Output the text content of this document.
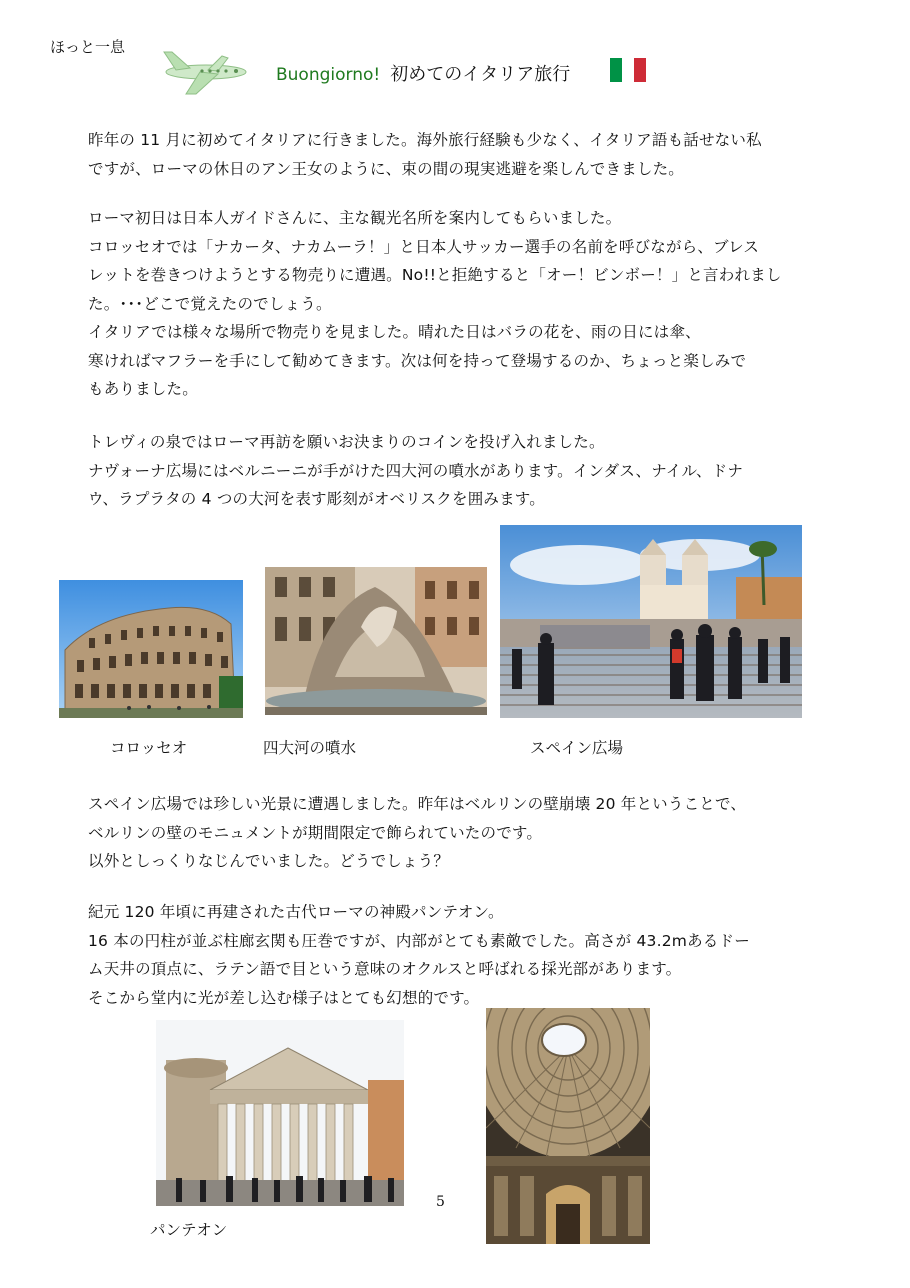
ほっと一息
Buongiorno! 初めてのイタリア旅行

昨年の 11 月に初めてイタリアに行きました。海外旅行経験も少なく、イタリア語も話せない私

ですが、ローマの休日のアン王女のように、束の間の現実逃避を楽しんできました。

ローマ初日は日本人ガイドさんに、主な観光名所を案内してもらいました。

コロッセオでは「ナカータ、ナカムーラ！」と日本人サッカー選手の名前を呼びながら、ブレス

レットを巻きつけようとする物売りに遭遇。No!!と拒絶すると「オー！ビンボー！」と言われまし

た。･･･どこで覚えたのでしょう。

イタリアでは様々な場所で物売りを見ました。晴れた日はバラの花を、雨の日には傘、

寒ければマフラーを手にして勧めてきます。次は何を持って登場するのか、ちょっと楽しみで

もありました。

トレヴィの泉ではローマ再訪を願いお決まりのコインを投げ入れました。

ナヴォーナ広場にはベルニーニが手がけた四大河の噴水があります。インダス、ナイル、ドナ

ウ、ラプラタの 4 つの大河を表す彫刻がオベリスクを囲みます。

コロッセオ	四大河の噴水	スペイン広場

スペイン広場では珍しい光景に遭遇しました。昨年はベルリンの壁崩壊 20 年ということで、

ベルリンの壁のモニュメントが期間限定で飾られていたのです。

以外としっくりなじんでいました。どうでしょう？

紀元 120 年頃に再建された古代ローマの神殿パンテオン。

16 本の円柱が並ぶ柱廊玄関も圧巻ですが、内部がとても素敵でした。高さが 43.2mあるドー

ム天井の頂点に、ラテン語で目という意味のオクルスと呼ばれる採光部があります。

そこから堂内に光が差し込む様子はとても幻想的です。

パンテオン
5
